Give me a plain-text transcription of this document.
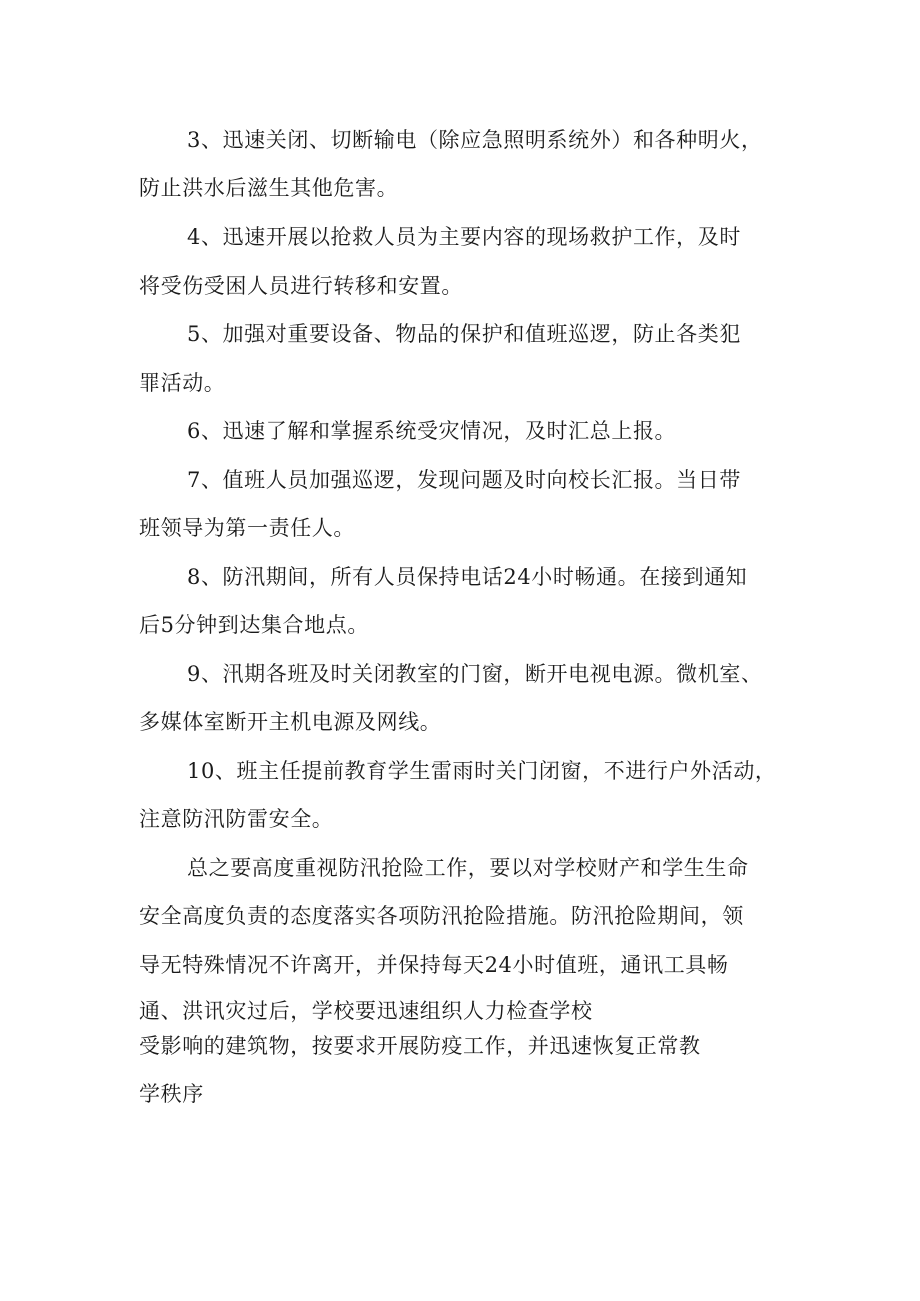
3、迅速关闭、切断输电（除应急照明系统外）和各种明火，
防止洪水后滋生其他危害。
4、迅速开展以抢救人员为主要内容的现场救护工作，及时
将受伤受困人员进行转移和安置。
5、加强对重要设备、物品的保护和值班巡逻，防止各类犯
罪活动。
6、迅速了解和掌握系统受灾情况，及时汇总上报。
7、值班人员加强巡逻，发现问题及时向校长汇报。当日带
班领导为第一责任人。
8、防汛期间，所有人员保持电话24小时畅通。在接到通知
后5分钟到达集合地点。
9、汛期各班及时关闭教室的门窗，断开电视电源。微机室、
多媒体室断开主机电源及网线。
10、班主任提前教育学生雷雨时关门闭窗，不进行户外活动，
注意防汛防雷安全。
总之要高度重视防汛抢险工作，要以对学校财产和学生生命
安全高度负责的态度落实各项防汛抢险措施。防汛抢险期间，领
导无特殊情况不许离开，并保持每天24小时值班，通讯工具畅
通、洪讯灾过后，学校要迅速组织人力检查学校
受影响的建筑物，按要求开展防疫工作，并迅速恢复正常教
学秩序
